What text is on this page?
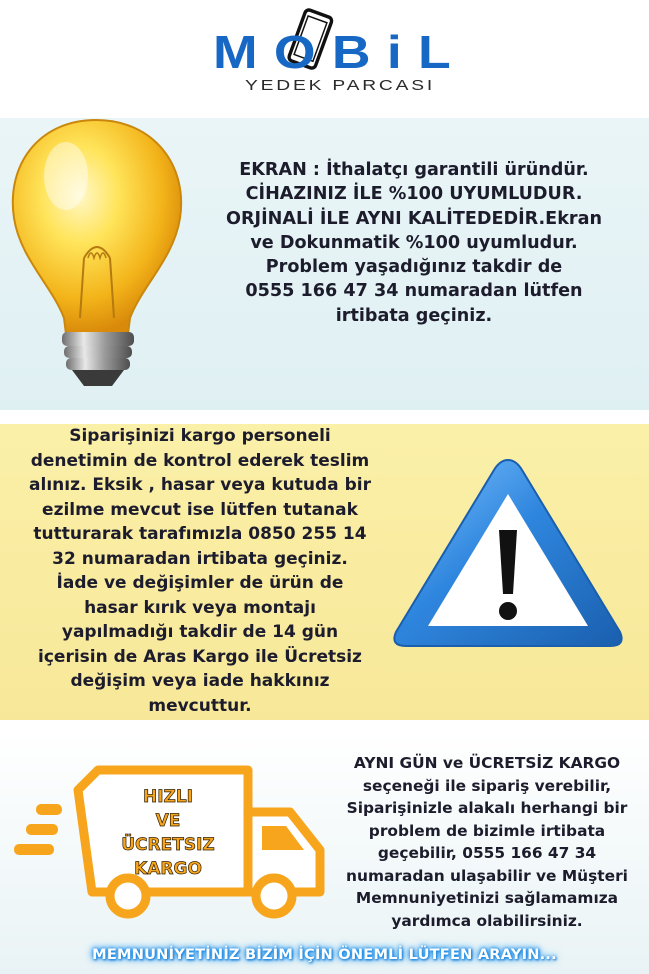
MOBiL
YEDEK PARCASI
EKRAN : İthalatçı garantili üründür.
CİHAZINIZ İLE %100 UYUMLUDUR.
ORJİNALİ İLE AYNI KALİTEDEDİR.Ekran
ve Dokunmatik %100 uyumludur.
Problem yaşadığınız takdir de
0555 166 47 34 numaradan lütfen
irtibata geçiniz.
Siparişinizi kargo personeli
denetimin de kontrol ederek teslim
alınız. Eksik , hasar veya kutuda bir
ezilme mevcut ise lütfen tutanak
tutturarak tarafımızla 0850 255 14
32 numaradan irtibata geçiniz.
İade ve değişimler de ürün de
hasar kırık veya montajı
yapılmadığı takdir de 14 gün
içerisin de Aras Kargo ile Ücretsiz
değişim veya iade hakkınız
mevcuttur.
HIZLI
VE
ÜCRETSIZ
KARGO
AYNI GÜN ve ÜCRETSİZ KARGO
seçeneği ile sipariş verebilir,
Siparişinizle alakalı herhangi bir
problem de bizimle irtibata
geçebilir, 0555 166 47 34
numaradan ulaşabilir ve Müşteri
Memnuniyetinizi sağlamamıza
yardımca olabilirsiniz.
MEMNUNİYETİNİZ BİZİM İÇİN ÖNEMLİ LÜTFEN ARAYIN...
